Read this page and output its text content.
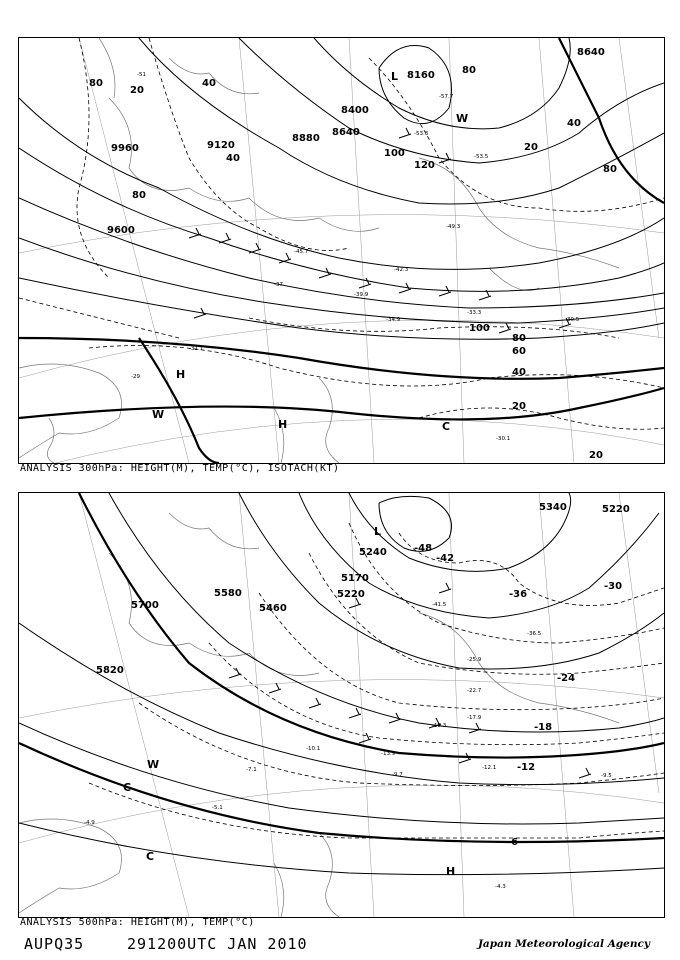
9960	9120
8880
8640
8400
8160
8640
9600
80	40
20
40
80
100
120
80
40
20
80
100
80
60
40
20
20
L
H
H
W
C
W
-51
-53.3
-57.7
-49.3
-42.3
-39.9
-34.9
-33.3
-30.5
-31.1
-29
-30.1
-53.5
-45.7
-37
ANALYSIS 300hPa: HEIGHT(M), TEMP(°C), ISOTACH(KT)
5700
5580
5460
5820
5220
5340	5220
5170
5240	-48
-42
-36
-30
-24
-18
-12
-6
L
H
W
C
C
-41.5
-36.5
-25.9
-22.7
-17.9
-13.9
-12.1
-9.5
-9.7
-4.3
-5.1
-4.9
-7.1
-10.1
-19.3
ANALYSIS 500hPa: HEIGHT(M), TEMP(°C)
AUPQ35	291200UTC JAN 2010	Japan Meteorological Agency
